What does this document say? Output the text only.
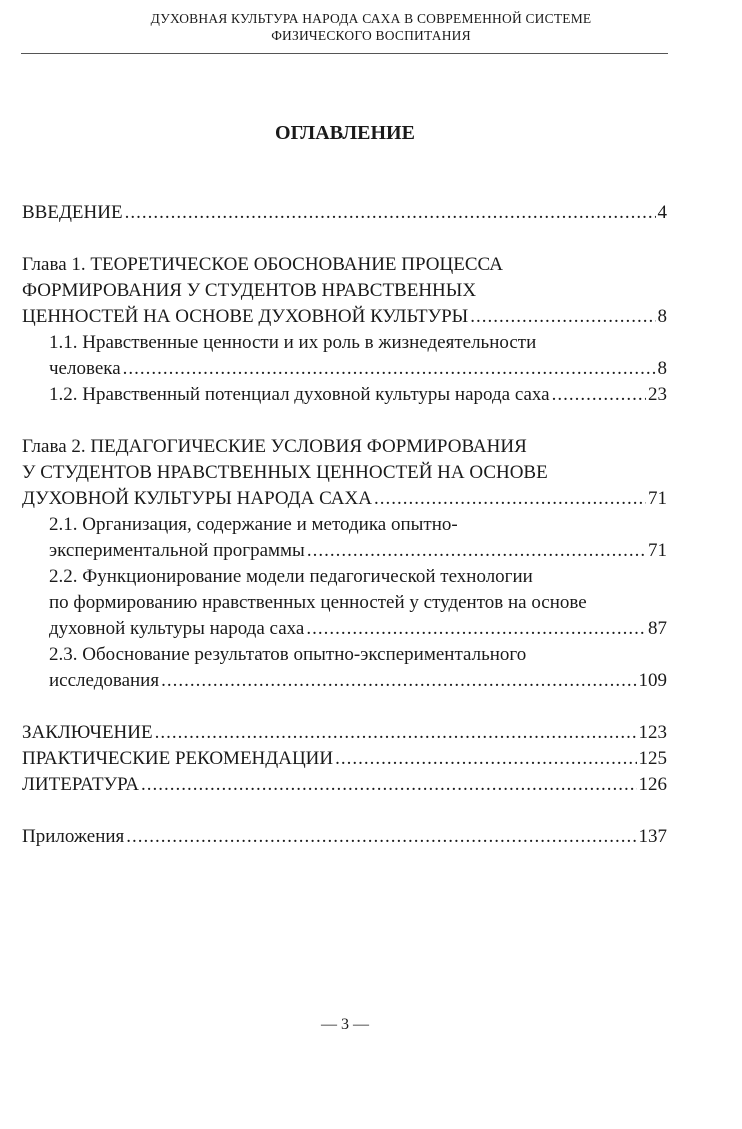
ДУХОВНАЯ КУЛЬТУРА НАРОДА САХА В СОВРЕМЕННОЙ СИСТЕМЕ
ФИЗИЧЕСКОГО ВОСПИТАНИЯ
ОГЛАВЛЕНИЕ
ВВЕДЕНИЕ .....	4
Глава 1. ТЕОРЕТИЧЕСКОЕ ОБОСНОВАНИЕ ПРОЦЕССА
ФОРМИРОВАНИЯ У СТУДЕНТОВ НРАВСТВЕННЫХ
ЦЕННОСТЕЙ НА ОСНОВЕ ДУХОВНОЙ КУЛЬТУРЫ .....	8
1.1. Нравственные ценности и их роль в жизнедеятельности
человека .....	8
1.2. Нравственный потенциал духовной культуры народа саха .....	23
Глава 2. ПЕДАГОГИЧЕСКИЕ УСЛОВИЯ ФОРМИРОВАНИЯ
У СТУДЕНТОВ НРАВСТВЕННЫХ ЦЕННОСТЕЙ НА ОСНОВЕ
ДУХОВНОЙ КУЛЬТУРЫ НАРОДА САХА .....	71
2.1. Организация, содержание и методика опытно-
экспериментальной программы .....	71
2.2. Функционирование модели педагогической технологии
по формированию нравственных ценностей у студентов на основе
духовной культуры народа саха .....	87
2.3. Обоснование результатов опытно-экспериментального
исследования .....	109
ЗАКЛЮЧЕНИЕ .....	123
ПРАКТИЧЕСКИЕ РЕКОМЕНДАЦИИ .....	125
ЛИТЕРАТУРА .....	126
Приложения .....	137
— 3 —
